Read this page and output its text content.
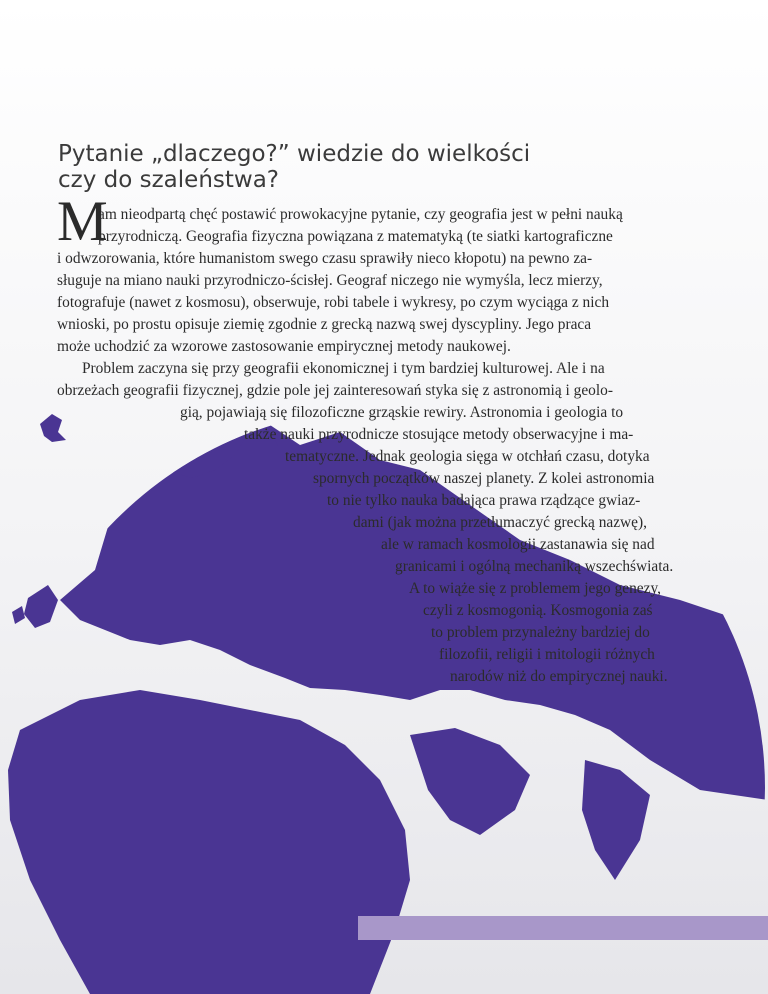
Pytanie „dlaczego?” wiedzie do wielkości
czy do szaleństwa?
M
am nieodpartą chęć postawić prowokacyjne pytanie, czy geografia jest w pełni nauką
przyrodniczą. Geografia fizyczna powiązana z matematyką (te siatki kartograficzne
i odwzorowania, które humanistom swego czasu sprawiły nieco kłopotu) na pewno za-
sługuje na miano nauki przyrodniczo-ścisłej. Geograf niczego nie wymyśla, lecz mierzy,
fotografuje (nawet z kosmosu), obserwuje, robi tabele i wykresy, po czym wyciąga z nich
wnioski, po prostu opisuje ziemię zgodnie z grecką nazwą swej dyscypliny. Jego praca
może uchodzić za wzorowe zastosowanie empirycznej metody naukowej.
Problem zaczyna się przy geografii ekonomicznej i tym bardziej kulturowej. Ale i na
obrzeżach geografii fizycznej, gdzie pole jej zainteresowań styka się z astronomią i geolo-
gią, pojawiają się filozoficzne grząskie rewiry. Astronomia i geologia to
także nauki przyrodnicze stosujące metody obserwacyjne i ma-
tematyczne. Jednak geologia sięga w otchłań czasu, dotyka
spornych początków naszej planety. Z kolei astronomia
to nie tylko nauka badająca prawa rządzące gwiaz-
dami (jak można przetłumaczyć grecką nazwę),
ale w ramach kosmologii zastanawia się nad
granicami i ogólną mechaniką wszechświata.
A to wiąże się z problemem jego genezy,
czyli z kosmogonią. Kosmogonia zaś
to problem przynależny bardziej do
filozofii, religii i mitologii różnych
narodów niż do empirycznej nauki.
